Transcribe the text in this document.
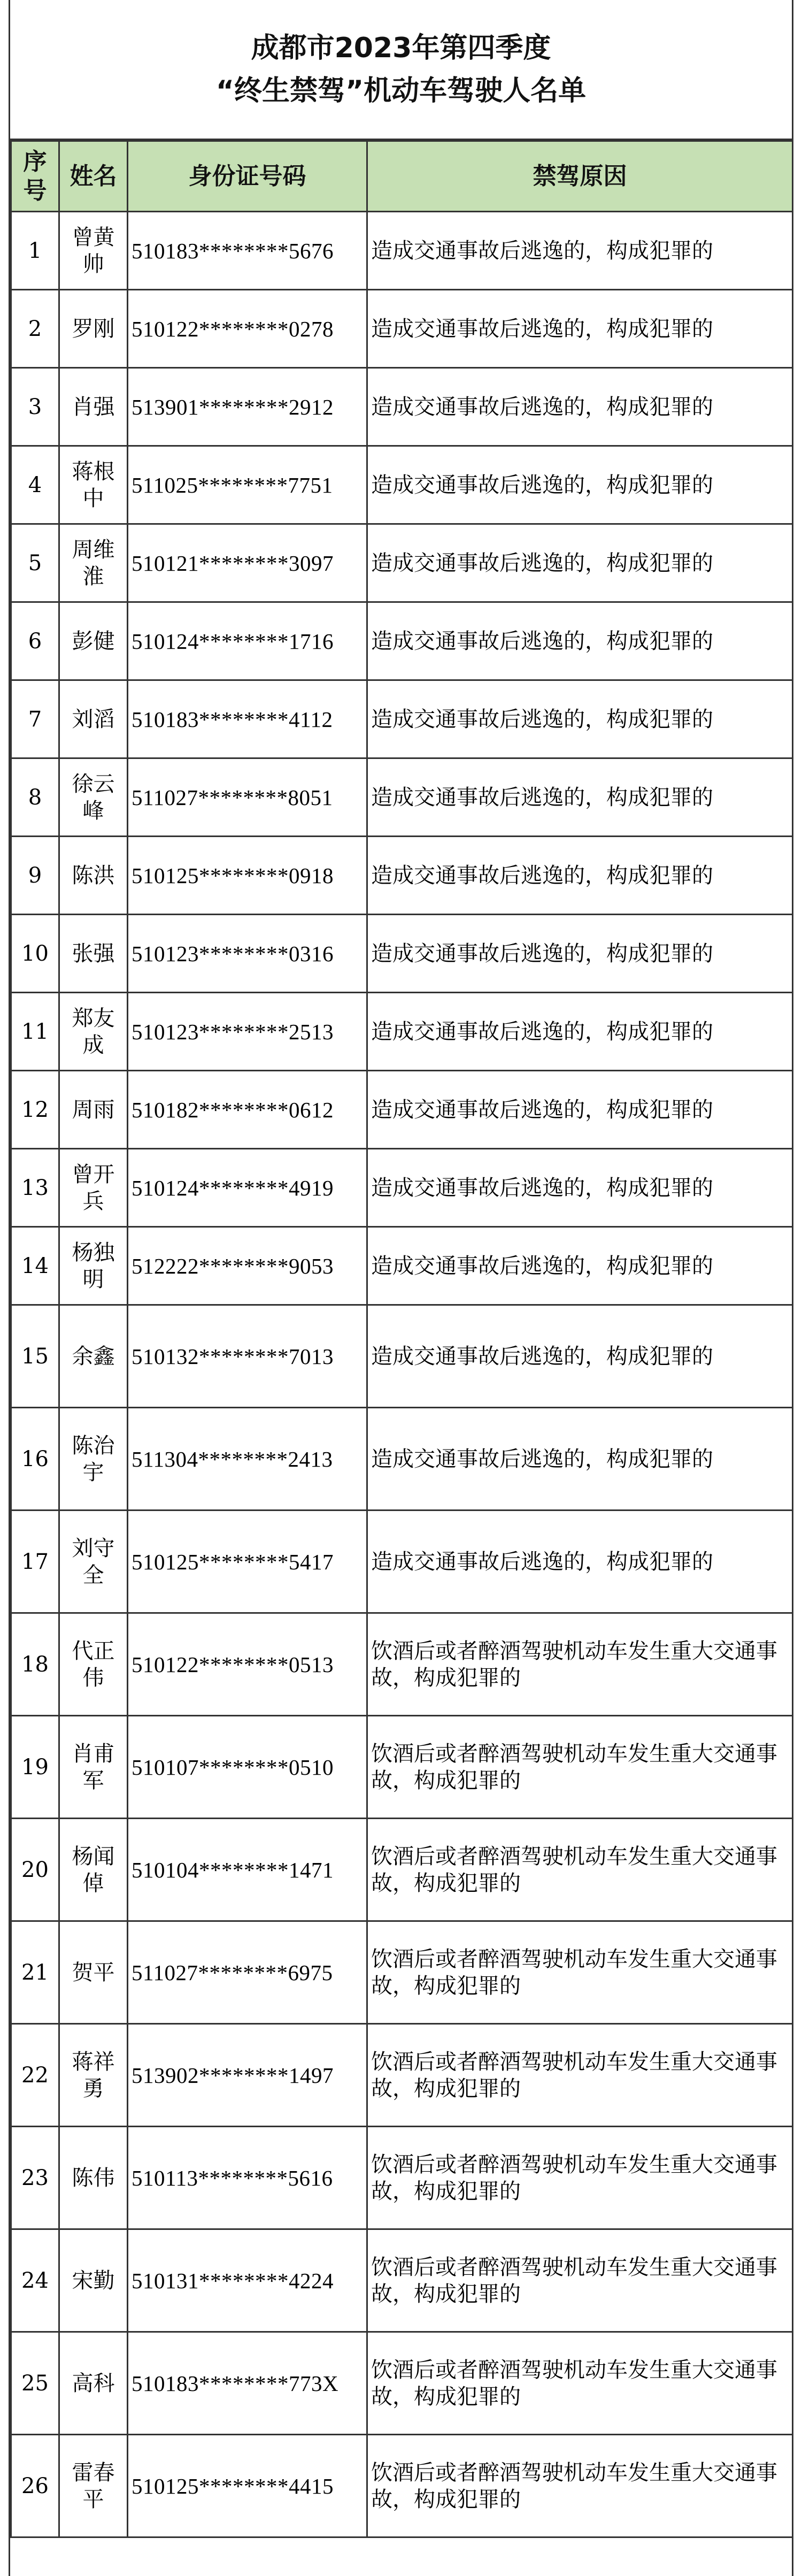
成都市2023年第四季度
“终生禁驾”机动车驾驶人名单
序号	姓名	身份证号码	禁驾原因
1	曾黄帅	510183********5676	造成交通事故后逃逸的，构成犯罪的
2	罗刚	510122********0278	造成交通事故后逃逸的，构成犯罪的
3	肖强	513901********2912	造成交通事故后逃逸的，构成犯罪的
4	蒋根中	511025********7751	造成交通事故后逃逸的，构成犯罪的
5	周维淮	510121********3097	造成交通事故后逃逸的，构成犯罪的
6	彭健	510124********1716	造成交通事故后逃逸的，构成犯罪的
7	刘滔	510183********4112	造成交通事故后逃逸的，构成犯罪的
8	徐云峰	511027********8051	造成交通事故后逃逸的，构成犯罪的
9	陈洪	510125********0918	造成交通事故后逃逸的，构成犯罪的
10	张强	510123********0316	造成交通事故后逃逸的，构成犯罪的
11	郑友成	510123********2513	造成交通事故后逃逸的，构成犯罪的
12	周雨	510182********0612	造成交通事故后逃逸的，构成犯罪的
13	曾开兵	510124********4919	造成交通事故后逃逸的，构成犯罪的
14	杨独明	512222********9053	造成交通事故后逃逸的，构成犯罪的
15	余鑫	510132********7013	造成交通事故后逃逸的，构成犯罪的
16	陈治宇	511304********2413	造成交通事故后逃逸的，构成犯罪的
17	刘守全	510125********5417	造成交通事故后逃逸的，构成犯罪的
18	代正伟	510122********0513	饮酒后或者醉酒驾驶机动车发生重大交通事故，构成犯罪的
19	肖甫军	510107********0510	饮酒后或者醉酒驾驶机动车发生重大交通事故，构成犯罪的
20	杨闻倬	510104********1471	饮酒后或者醉酒驾驶机动车发生重大交通事故，构成犯罪的
21	贺平	511027********6975	饮酒后或者醉酒驾驶机动车发生重大交通事故，构成犯罪的
22	蒋祥勇	513902********1497	饮酒后或者醉酒驾驶机动车发生重大交通事故，构成犯罪的
23	陈伟	510113********5616	饮酒后或者醉酒驾驶机动车发生重大交通事故，构成犯罪的
24	宋勤	510131********4224	饮酒后或者醉酒驾驶机动车发生重大交通事故，构成犯罪的
25	高科	510183********773X	饮酒后或者醉酒驾驶机动车发生重大交通事故，构成犯罪的
26	雷春平	510125********4415	饮酒后或者醉酒驾驶机动车发生重大交通事故，构成犯罪的
